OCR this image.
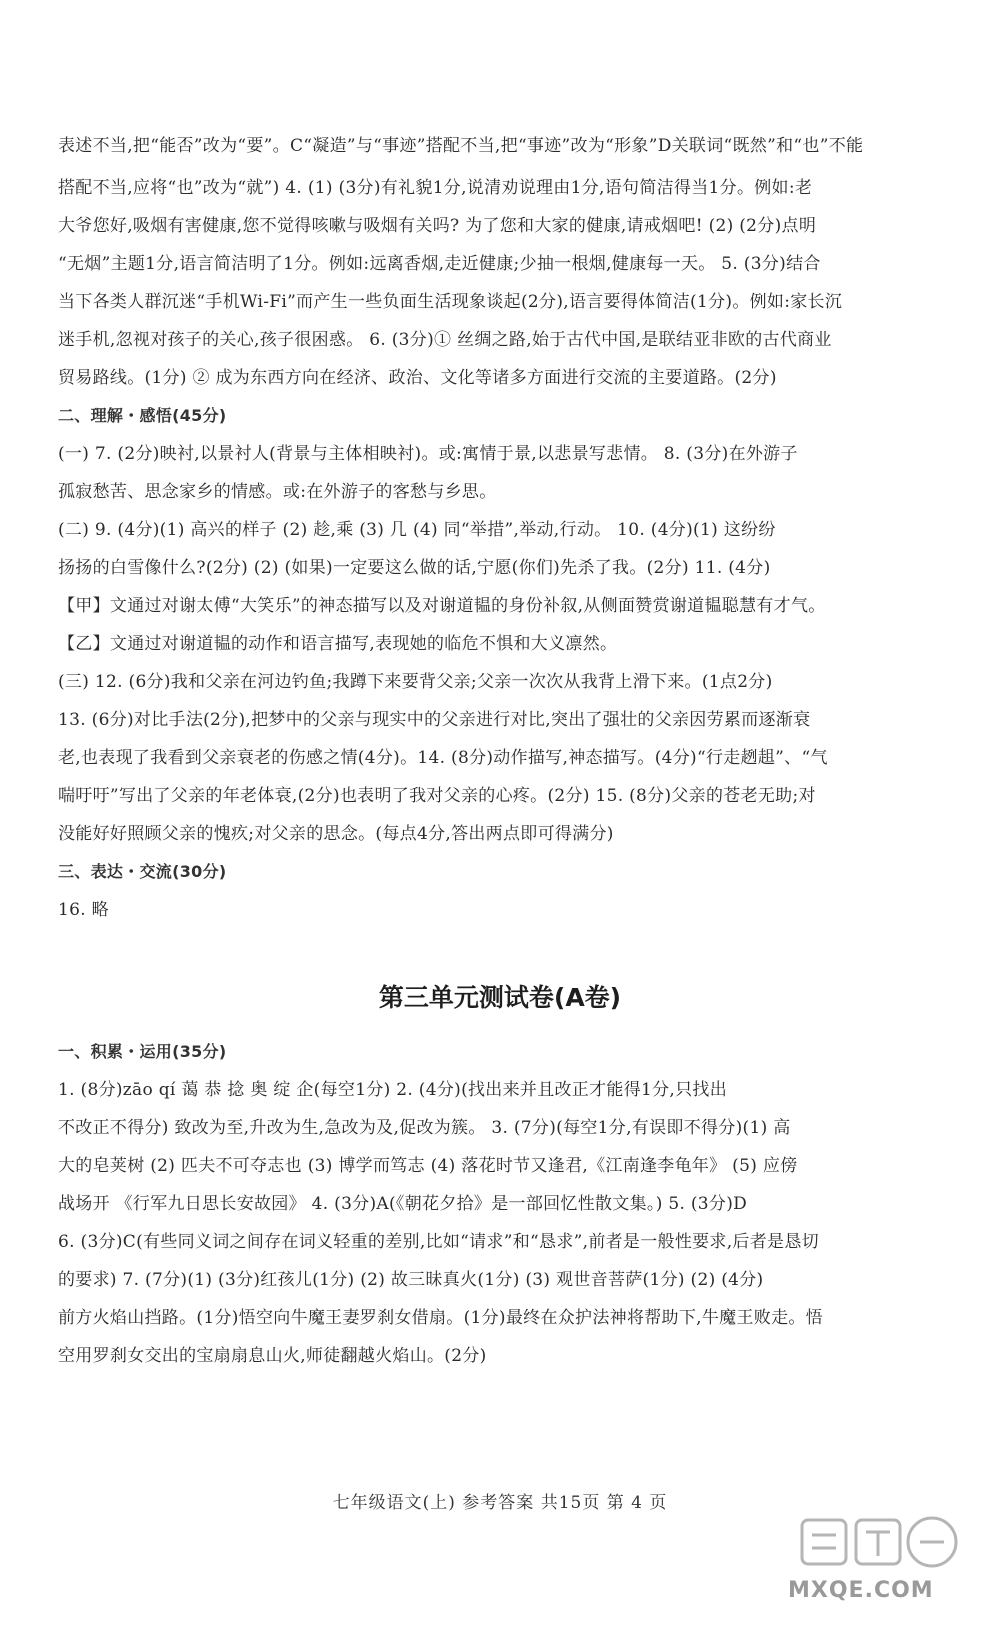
表述不当,把“能否”改为“要”。C“凝造”与“事迹”搭配不当,把“事迹”改为“形象”D关联词“既然”和“也”不能
搭配不当,应将“也”改为“就”) 4. (1) (3分)有礼貌1分,说清劝说理由1分,语句简洁得当1分。例如:老
大爷您好,吸烟有害健康,您不觉得咳嗽与吸烟有关吗? 为了您和大家的健康,请戒烟吧! (2) (2分)点明
“无烟”主题1分,语言简洁明了1分。例如:远离香烟,走近健康;少抽一根烟,健康每一天。 5. (3分)结合
当下各类人群沉迷“手机Wi-Fi”而产生一些负面生活现象谈起(2分),语言要得体简洁(1分)。例如:家长沉
迷手机,忽视对孩子的关心,孩子很困惑。 6. (3分)① 丝绸之路,始于古代中国,是联结亚非欧的古代商业
贸易路线。(1分) ② 成为东西方向在经济、政治、文化等诸多方面进行交流的主要道路。(2分)
二、理解・感悟(45分)
(一) 7. (2分)映衬,以景衬人(背景与主体相映衬)。或:寓情于景,以悲景写悲情。 8. (3分)在外游子
孤寂愁苦、思念家乡的情感。或:在外游子的客愁与乡思。
(二) 9. (4分)(1) 高兴的样子 (2) 趁,乘 (3) 几 (4) 同“举措”,举动,行动。 10. (4分)(1) 这纷纷
扬扬的白雪像什么?(2分) (2) (如果)一定要这么做的话,宁愿(你们)先杀了我。(2分) 11. (4分)
【甲】文通过对谢太傅“大笑乐”的神态描写以及对谢道韫的身份补叙,从侧面赞赏谢道韫聪慧有才气。
【乙】文通过对谢道韫的动作和语言描写,表现她的临危不惧和大义凛然。
(三) 12. (6分)我和父亲在河边钓鱼;我蹲下来要背父亲;父亲一次次从我背上滑下来。(1点2分)
13. (6分)对比手法(2分),把梦中的父亲与现实中的父亲进行对比,突出了强壮的父亲因劳累而逐渐衰
老,也表现了我看到父亲衰老的伤感之情(4分)。14. (8分)动作描写,神态描写。(4分)“行走趔趄”、“气
喘吁吁”写出了父亲的年老体衰,(2分)也表明了我对父亲的心疼。(2分) 15. (8分)父亲的苍老无助;对
没能好好照顾父亲的愧疚;对父亲的思念。(每点4分,答出两点即可得满分)
三、表达・交流(30分)
16. 略
第三单元测试卷(A卷)
一、积累・运用(35分)
1. (8分)zāo qí 蔼 恭 捻 奥 绽 企(每空1分) 2. (4分)(找出来并且改正才能得1分,只找出
不改正不得分) 致改为至,升改为生,急改为及,促改为簇。 3. (7分)(每空1分,有误即不得分)(1) 高
大的皂荚树 (2) 匹夫不可夺志也 (3) 博学而笃志 (4) 落花时节又逢君,《江南逢李龟年》 (5) 应傍
战场开 《行军九日思长安故园》 4. (3分)A(《朝花夕拾》是一部回忆性散文集。) 5. (3分)D
6. (3分)C(有些同义词之间存在词义轻重的差别,比如“请求”和“恳求”,前者是一般性要求,后者是恳切
的要求) 7. (7分)(1) (3分)红孩儿(1分) (2) 故三昧真火(1分) (3) 观世音菩萨(1分) (2) (4分)
前方火焰山挡路。(1分)悟空向牛魔王妻罗刹女借扇。(1分)最终在众护法神将帮助下,牛魔王败走。悟
空用罗刹女交出的宝扇扇息山火,师徒翻越火焰山。(2分)
七年级语文(上) 参考答案 共15页 第 4 页
MXQE.COM
